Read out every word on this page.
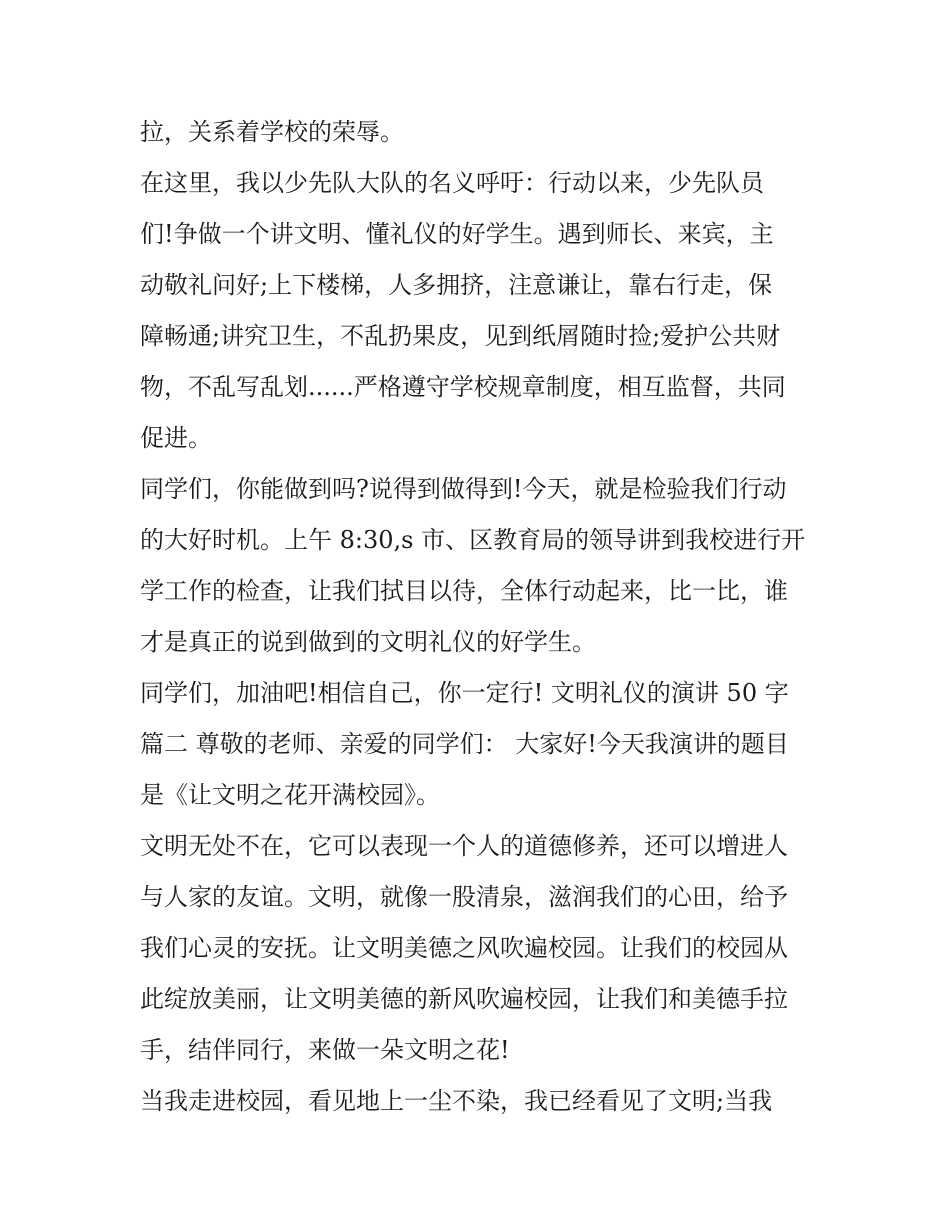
拉，关系着学校的荣辱。
在这里，我以少先队大队的名义呼吁：行动以来，少先队员
们!争做一个讲文明、懂礼仪的好学生。遇到师长、来宾，主
动敬礼问好;上下楼梯，人多拥挤，注意谦让，靠右行走，保
障畅通;讲究卫生，不乱扔果皮，见到纸屑随时捡;爱护公共财
物，不乱写乱划......严格遵守学校规章制度，相互监督，共同
促进。
同学们，你能做到吗?说得到做得到!今天，就是检验我们行动
的大好时机。上午 8:30,s 市、区教育局的领导讲到我校进行开
学工作的检查，让我们拭目以待，全体行动起来，比一比，谁
才是真正的说到做到的文明礼仪的好学生。
同学们，加油吧!相信自己，你一定行! 文明礼仪的演讲 50 字
篇二 尊敬的老师、亲爱的同学们： 大家好!今天我演讲的题目
是《让文明之花开满校园》。
文明无处不在，它可以表现一个人的道德修养，还可以增进人
与人家的友谊。文明，就像一股清泉，滋润我们的心田，给予
我们心灵的安抚。让文明美德之风吹遍校园。让我们的校园从
此绽放美丽，让文明美德的新风吹遍校园，让我们和美德手拉
手，结伴同行，来做一朵文明之花!
当我走进校园，看见地上一尘不染，我已经看见了文明;当我
